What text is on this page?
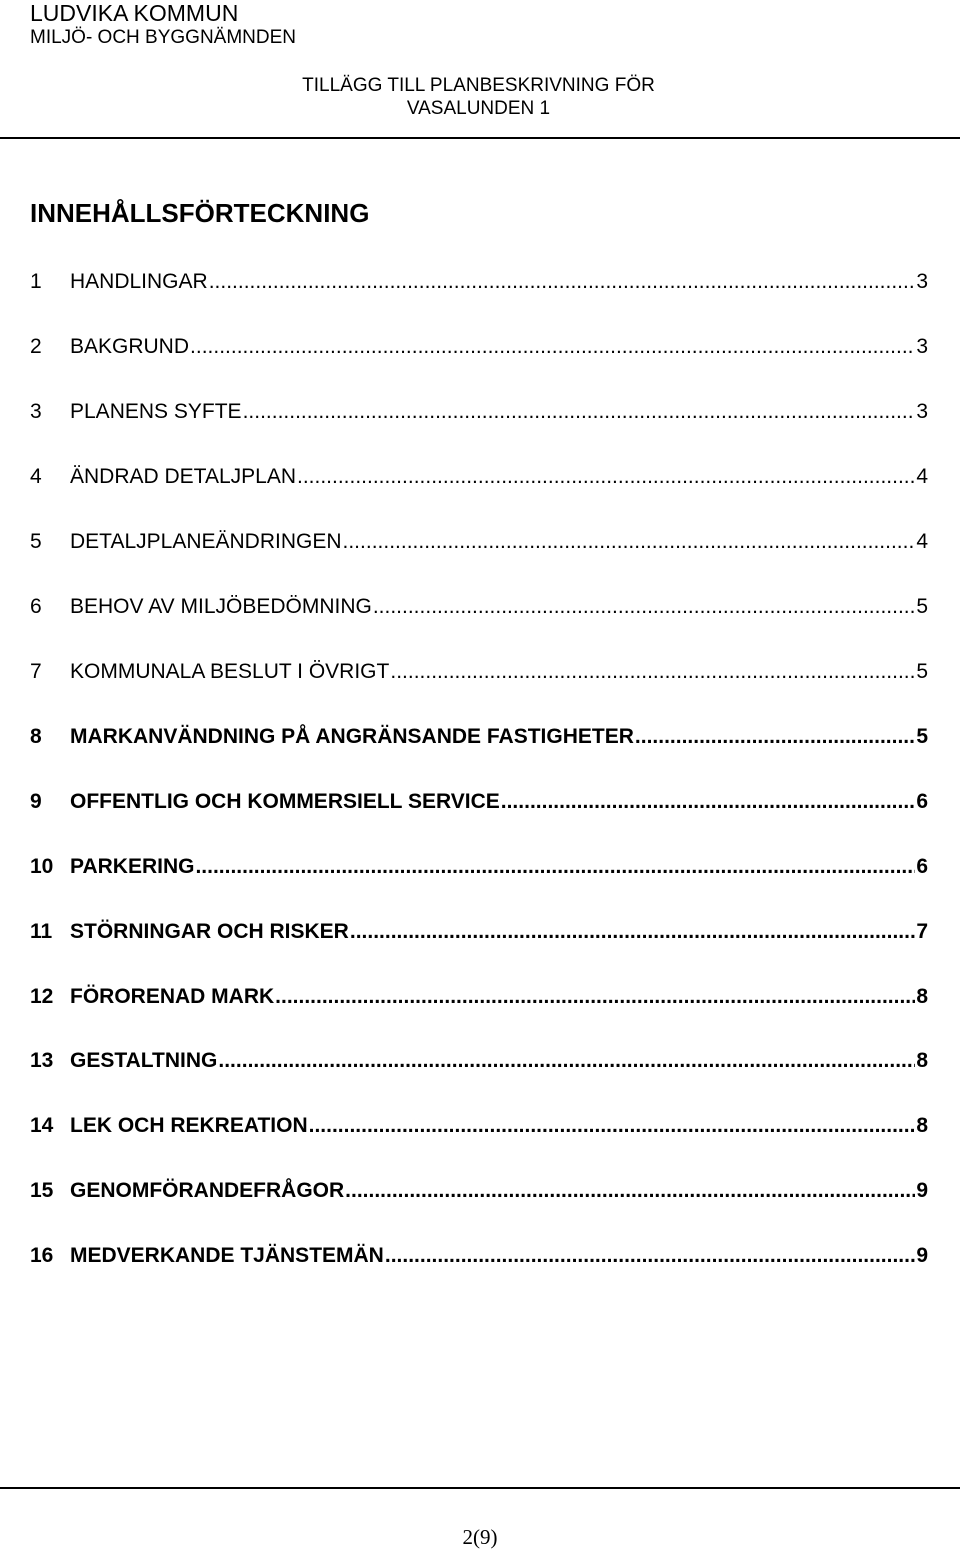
LUDVIKA KOMMUN
MILJÖ- OCH BYGGNÄMNDEN
TILLÄGG TILL PLANBESKRIVNING FÖR
VASALUNDEN 1
INNEHÅLLSFÖRTECKNING
1	HANDLINGAR .....	3
2	BAKGRUND .....	3
3	PLANENS SYFTE .....	3
4	ÄNDRAD DETALJPLAN .....	4
5	DETALJPLANEÄNDRINGEN .....	4
6	BEHOV AV MILJÖBEDÖMNING .....	5
7	KOMMUNALA BESLUT I ÖVRIGT .....	5
8	MARKANVÄNDNING PÅ ANGRÄNSANDE FASTIGHETER .....	5
9	OFFENTLIG OCH KOMMERSIELL SERVICE .....	6
10 PARKERING .....	6
11 STÖRNINGAR OCH RISKER .....	7
12 FÖRORENAD MARK .....	8
13 GESTALTNING .....	8
14 LEK OCH REKREATION .....	8
15 GENOMFÖRANDEFRÅGOR .....	9
16 MEDVERKANDE TJÄNSTEMÄN .....	9
2(9)
